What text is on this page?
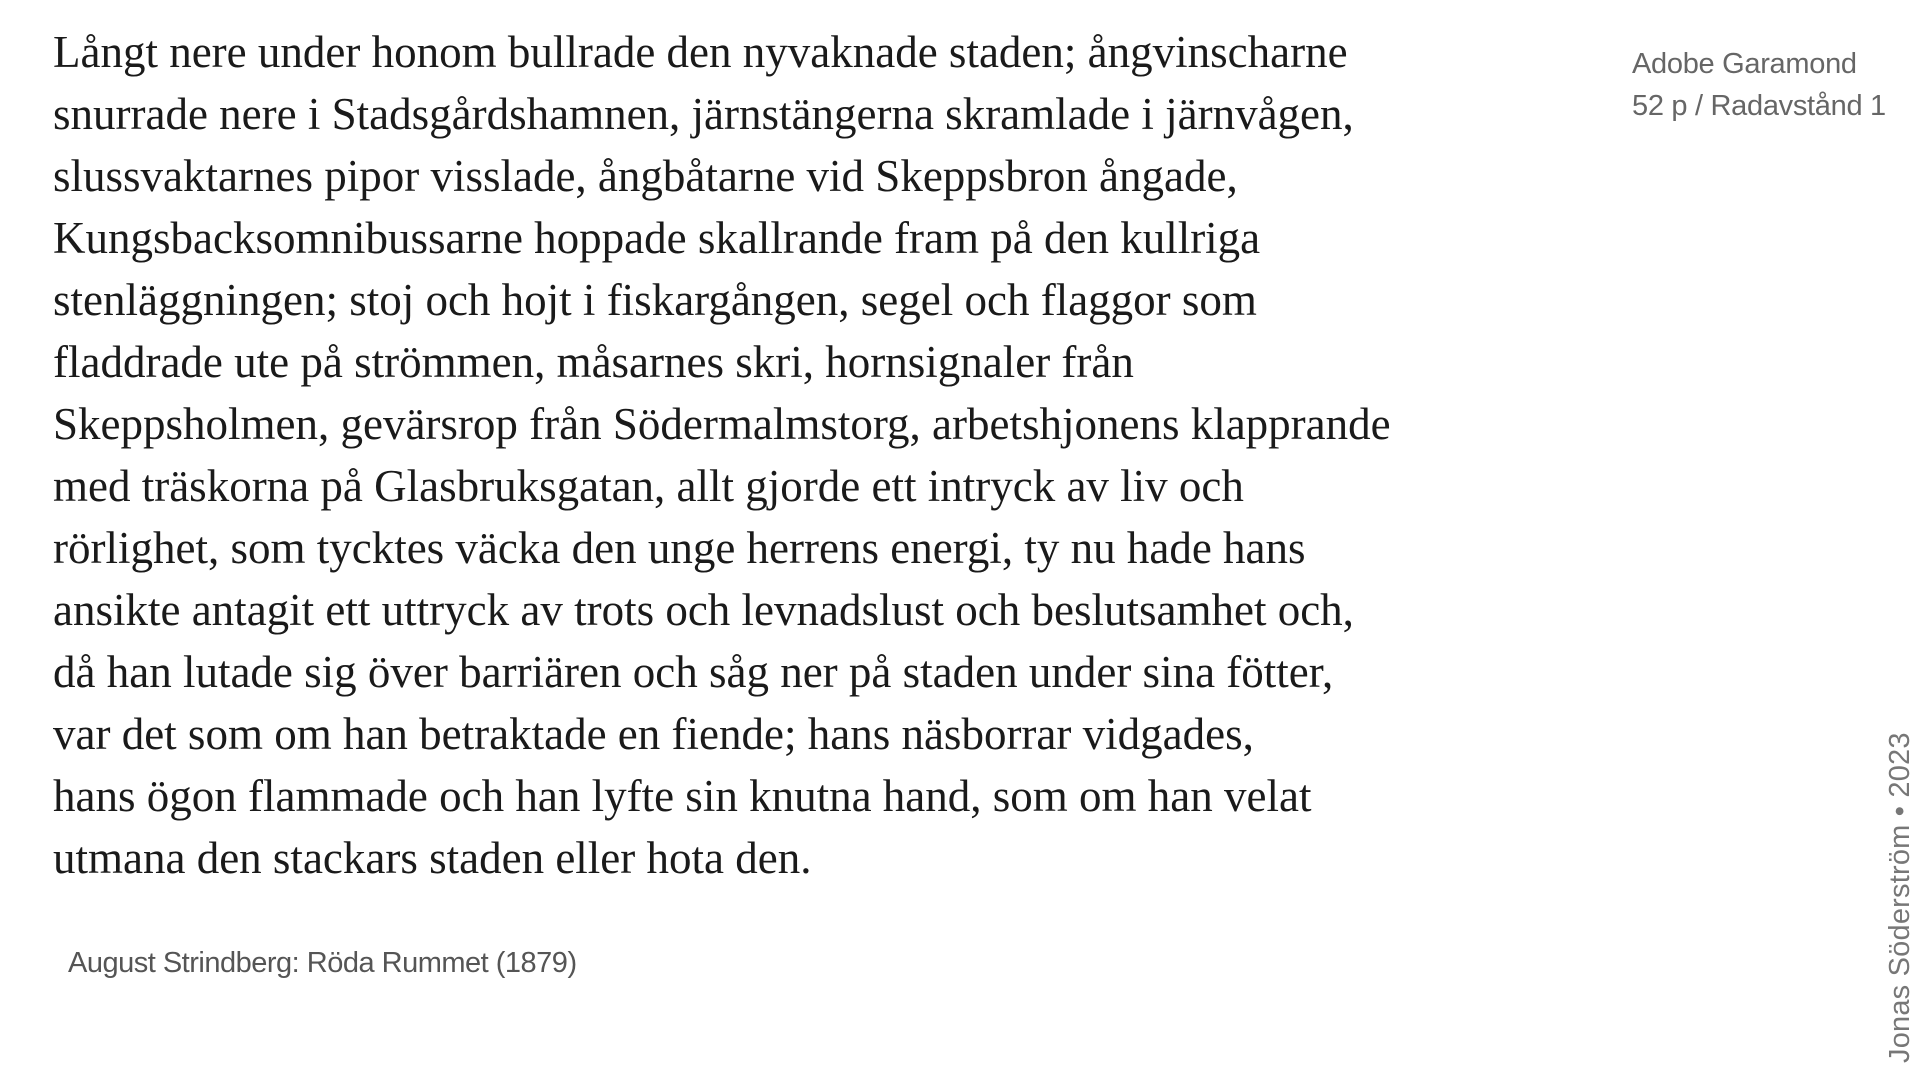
Långt nere under honom bullrade den nyvaknade staden; ångvinscharne
snurrade nere i Stadsgårdshamnen, järnstängerna skramlade i järnvågen,
slussvaktarnes pipor visslade, ångbåtarne vid Skeppsbron ångade,
Kungsbacksomnibussarne hoppade skallrande fram på den kullriga
stenläggningen; stoj och hojt i fiskargången, segel och flaggor som
fladdrade ute på strömmen, måsarnes skri, hornsignaler från
Skeppsholmen, gevärsrop från Södermalmstorg, arbetshjonens klapprande
med träskorna på Glasbruksgatan, allt gjorde ett intryck av liv och
rörlighet, som tycktes väcka den unge herrens energi, ty nu hade hans
ansikte antagit ett uttryck av trots och levnadslust och beslutsamhet och,
då han lutade sig över barriären och såg ner på staden under sina fötter,
var det som om han betraktade en fiende; hans näsborrar vidgades,
hans ögon flammade och han lyfte sin knutna hand, som om han velat
utmana den stackars staden eller hota den.
August Strindberg: Röda Rummet (1879)
Adobe Garamond
52 p / Radavstånd 1
Jonas Söderström • 2023
